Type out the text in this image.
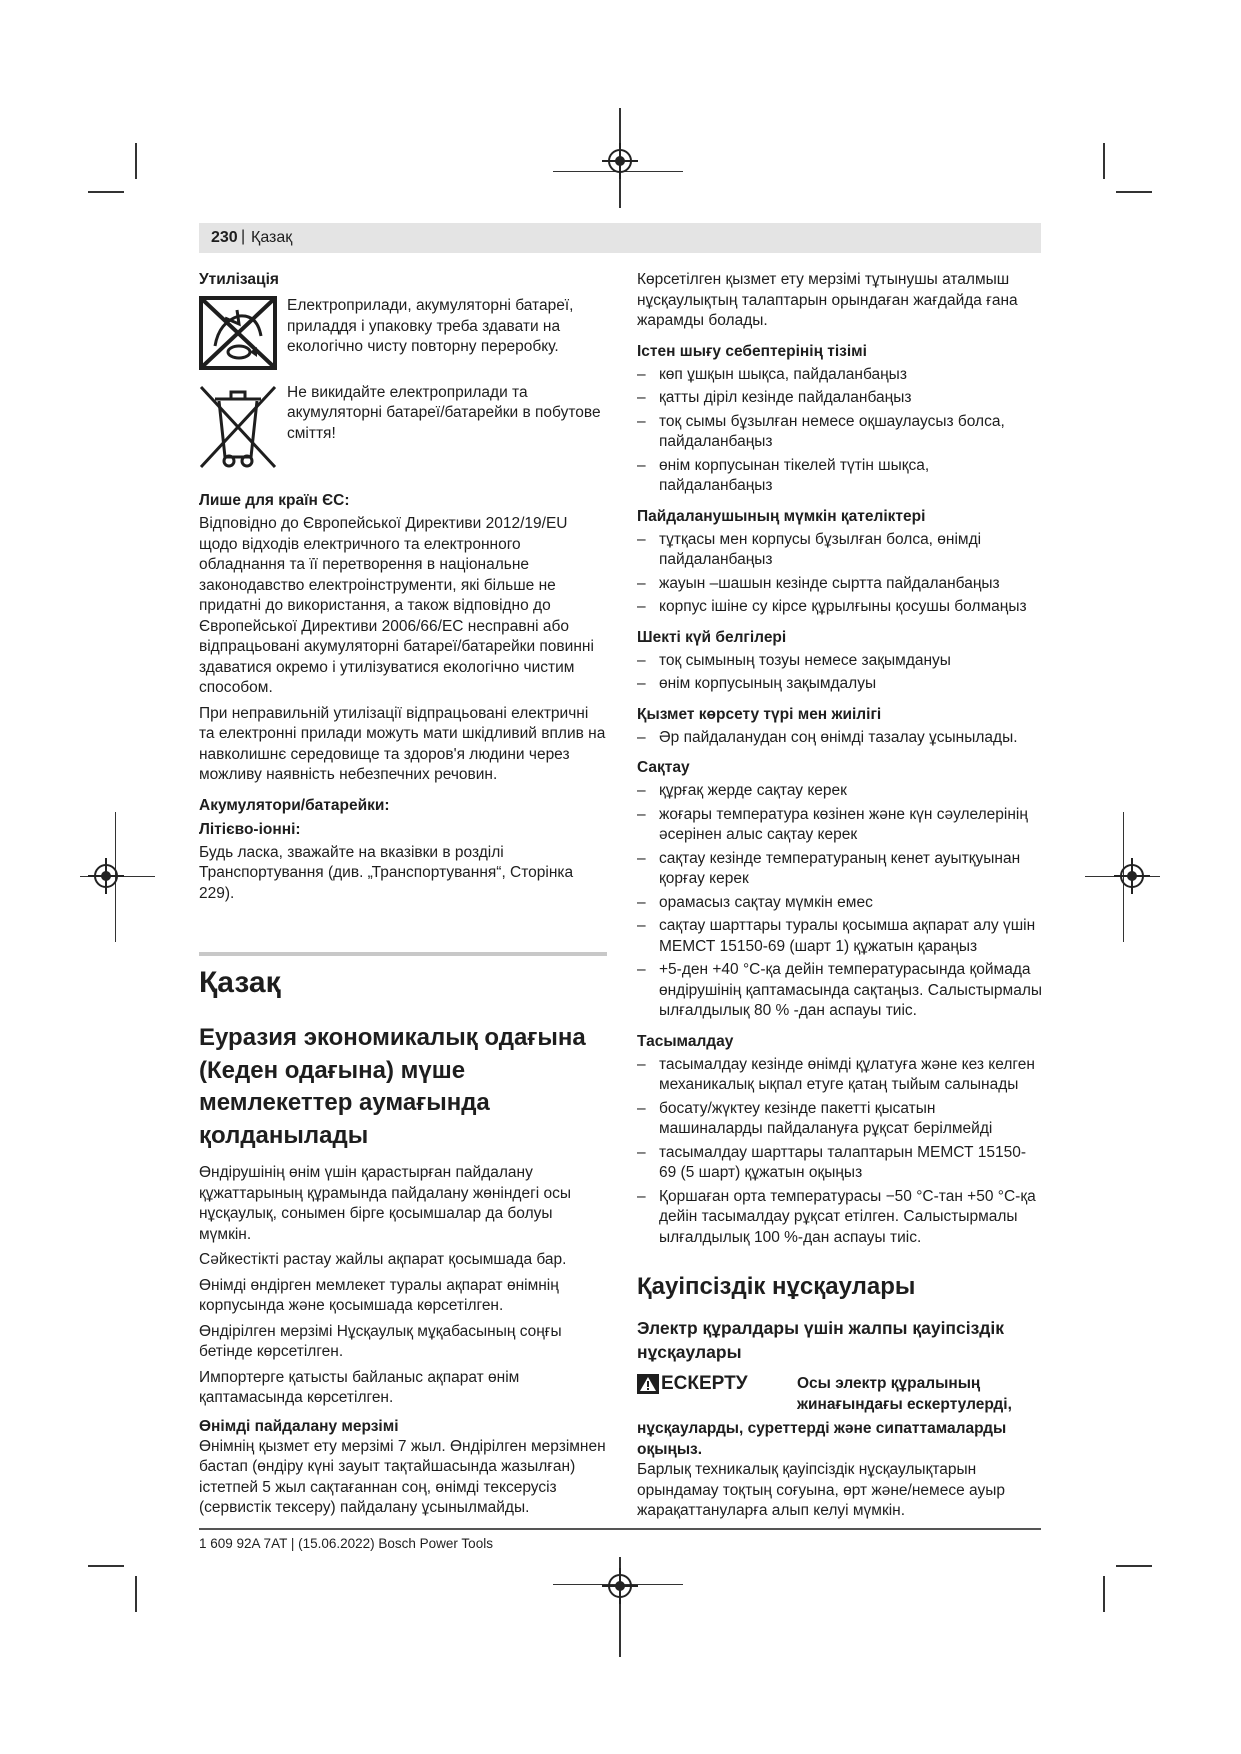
230 | Қазақ
Утилізація
Електроприлади, акумуляторні батареї, приладдя і упаковку треба здавати на екологічно чисту повторну переробку.
Не викидайте електроприлади та акумуляторні батареї/батарейки в побутове сміття!
Лише для країн ЄС:

Відповідно до Європейської Директиви 2012/19/EU щодо відходів електричного та електронного обладнання та її перетворення в національне законодавство електроінструменти, які більше не придатні до використання, а також відповідно до Європейської Директиви 2006/66/EC несправні або відпрацьовані акумуляторні батареї/батарейки повинні здаватися окремо і утилізуватися екологічно чистим способом.

При неправильній утилізації відпрацьовані електричні та електронні прилади можуть мати шкідливий вплив на навколишнє середовище та здоров'я людини через можливу наявність небезпечних речовин.

Акумулятори/батарейки:
Літієво-іонні:

Будь ласка, зважайте на вказівки в розділі Транспортування (див. „Транспортування“, Сторінка 229).

Қазақ
Еуразия экономикалық одағына (Кеден одағына) мүше мемлекеттер аумағында қолданылады

Өндірушінің өнім үшін қарастырған пайдалану құжаттарының құрамында пайдалану жөніндегі осы нұсқаулық, сонымен бірге қосымшалар да болуы мүмкін.

Сәйкестікті растау жайлы ақпарат қосымшада бар.

Өнімді өндірген мемлекет туралы ақпарат өнімнің корпусында және қосымшада көрсетілген.

Өндірілген мерзімі Нұсқаулық мұқабасының соңғы бетінде көрсетілген.

Импортерге қатысты байланыс ақпарат өнім қаптамасында көрсетілген.

Өнімді пайдалану мерзімі

Өнімнің қызмет ету мерзімі 7 жыл. Өндірілген мерзімнен бастап (өндіру күні зауыт тақтайшасында жазылған) істетпей 5 жыл сақтағаннан соң, өнімді тексерусіз (сервистік тексеру) пайдалану ұсынылмайды.

Көрсетілген қызмет ету мерзімі тұтынушы аталмыш нұсқаулықтың талаптарын орындаған жағдайда ғана жарамды болады.

Істен шығу себептерінің тізімі
– көп ұшқын шықса, пайдаланбаңыз
– қатты діріл кезінде пайдаланбаңыз
– тоқ сымы бұзылған немесе оқшаулаусыз болса, пайдаланбаңыз
– өнім корпусынан тікелей түтін шықса, пайдаланбаңыз
Пайдаланушының мүмкін қателіктері
– тұтқасы мен корпусы бұзылған болса, өнімді пайдаланбаңыз
– жауын –шашын кезінде сыртта пайдаланбаңыз
– корпус ішіне су кірсе құрылғыны қосушы болмаңыз
Шекті күй белгілері
– тоқ сымының тозуы немесе зақымдануы
– өнім корпусының зақымдалуы
Қызмет көрсету түрі мен жиілігі
– Әр пайдаланудан соң өнімді тазалау ұсынылады.
Сақтау
– құрғақ жерде сақтау керек
– жоғары температура көзінен және күн сәулелерінің әсерінен алыс сақтау керек
– сақтау кезінде температураның кенет ауытқуынан қорғау керек
– орамасыз сақтау мүмкін емес
– сақтау шарттары туралы қосымша ақпарат алу үшін МЕМСТ 15150-69 (шарт 1) құжатын қараңыз
– +5-ден +40 °C-қа дейін температурасында қоймада өндірушінің қаптамасында сақтаңыз. Салыстырмалы ылғалдылық 80 % -дан аспауы тиіс.
Тасымалдау
– тасымалдау кезінде өнімді құлатуға және кез келген механикалық ықпал етуге қатаң тыйым салынады
– босату/жүктеу кезінде пакетті қысатын машиналарды пайдалануға рұқсат берілмейді
– тасымалдау шарттары талаптарын МЕМСТ 15150-69 (5 шарт) құжатын оқыңыз
– Қоршаған орта температурасы −50 °C-тан +50 °C-қа дейін тасымалдау рұқсат етілген. Салыстырмалы ылғалдылық 100 %-дан аспауы тиіс.
Қауіпсіздік нұсқаулары
Электр құралдары үшін жалпы қауіпсіздік нұсқаулары
ЕСКЕРТУ	Осы электр құралының жинағындағы ескертулерді,
нұсқауларды, суреттерді және сипаттамаларды оқыңыз.

Барлық техникалық қауіпсіздік нұсқаулықтарын орындамау тоқтың соғуына, өрт және/немесе ауыр жарақаттануларға алып келуі мүмкін.

1 609 92A 7AT | (15.06.2022) Bosch Power Tools
